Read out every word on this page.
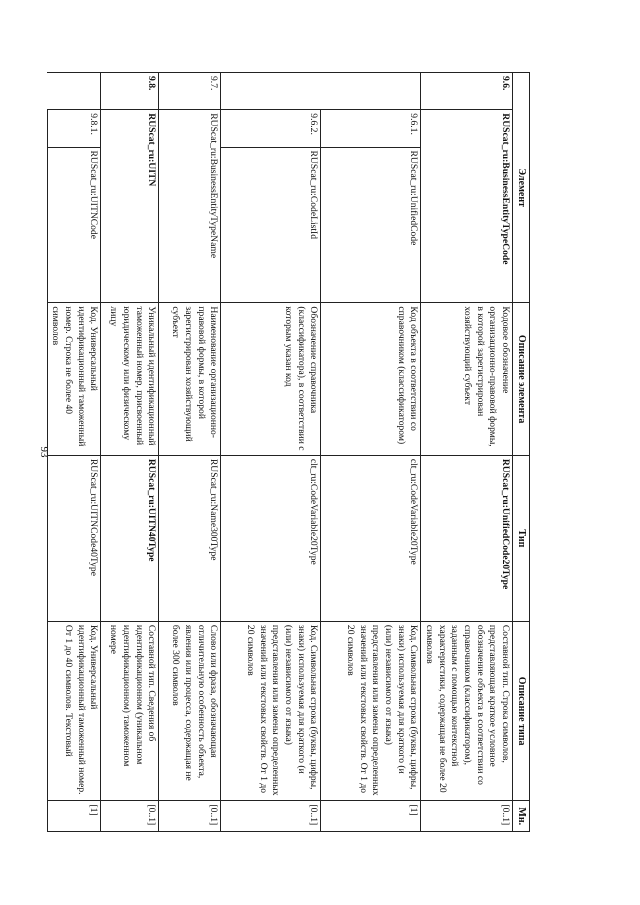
93
Элемент			Описание элемента	Тип	Описание типа	Мн.
9.6.	RUScat_ru:BusinessEntityTypeCode		Кодовое обозначение организационно-правовой формы, в которой зарегистрирован хозяйствующий субъект	RUScat_ru:UnifiedCode20Type	Составной тип. Строка символов, представляющая краткое условное обозначение объекта в соответствии со справочником (классификатором), заданным с помощью контекстной характеристики, содержащая не более 20 символов	[0..1]
	9.6.1.	RUScat_ru:UnifiedCode	Код объекта в соответствии со справочником (классификатором)	clt_ru:CodeVariable20Type	Код. Символьная строка (буквы, цифры, знаки) используемая для краткого (и (или) независимого от языка) представления или замены определенных значений или текстовых свойств. От 1 до 20 символов	[1]
	9.6.2.	RUScat_ru:CodeListId	Обозначение справочника (классификатора), в соответствии с которым указан код	clt_ru:CodeVariable20Type	Код. Символьная строка (буквы, цифры, знаки) используемая для краткого (и (или) независимого от языка) представления или замены определенных значений или текстовых свойств. От 1 до 20 символов	[0..1]
9.7.	RUScat_ru:BusinessEntityTypeName		Наименование организационно-правовой формы, в которой зарегистрирован хозяйствующий субъект	RUScat_ru:Name300Type	Слово или фраза, обозначающая отличительную особенность объекта, явления или процесса, содержащая не более 300 символов	[0..1]
9.8.	RUScat_ru:UITN		Уникальный идентификационный таможенный номер, присвоенный юридическому или физическому лицу	RUScat_ru:UITN40Type	Составной тип. Сведения об идентификационном (уникальном идентификационном) таможенном номере	[0..1]
	9.8.1.	RUScat_ru:UITNCode	Код. Универсальный идентификационный таможенный номер. Строка не более 40 символов	RUScat_ru:UITNCode40Type	Код. Универсальный идентификационный таможенный номер. От 1 до 40 символов. Текстовый	[1]
